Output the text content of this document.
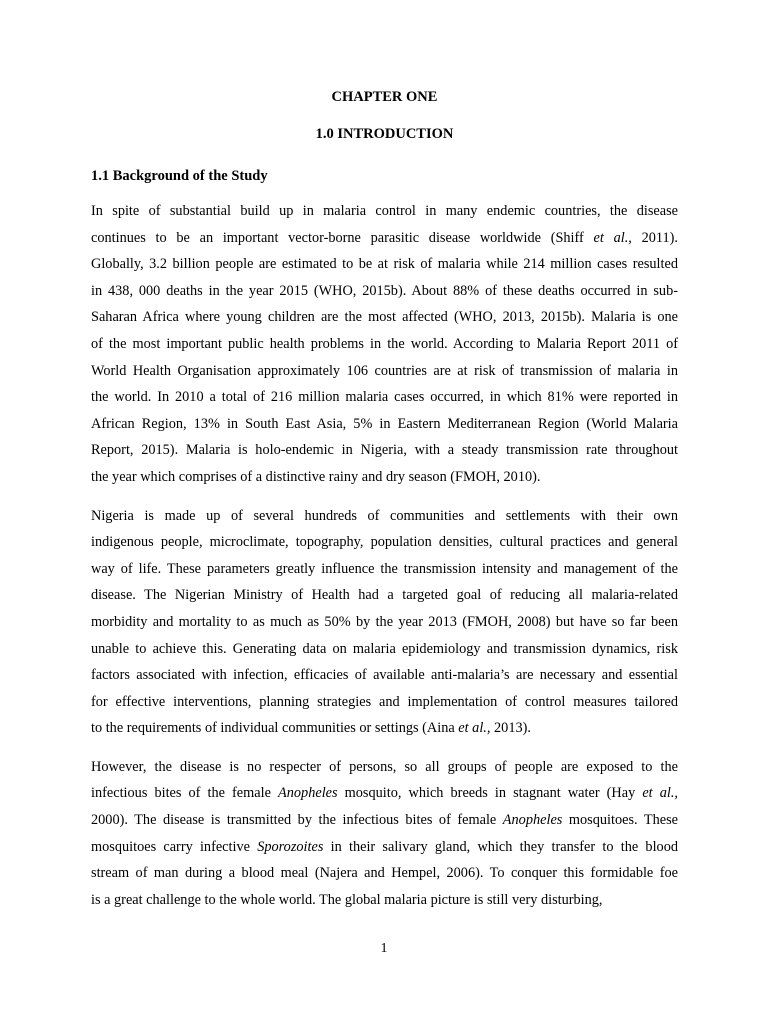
CHAPTER ONE
1.0 INTRODUCTION
1.1 Background of the Study

In spite of substantial build up in malaria control in many endemic countries, the disease
continues to be an important vector-borne parasitic disease worldwide (Shiff et al., 2011).
Globally, 3.2 billion people are estimated to be at risk of malaria while 214 million cases resulted
in 438, 000 deaths in the year 2015 (WHO, 2015b). About 88% of these deaths occurred in sub-
Saharan Africa where young children are the most affected (WHO, 2013, 2015b). Malaria is one
of the most important public health problems in the world. According to Malaria Report 2011 of
World Health Organisation approximately 106 countries are at risk of transmission of malaria in
the world. In 2010 a total of 216 million malaria cases occurred, in which 81% were reported in
African Region, 13% in South East Asia, 5% in Eastern Mediterranean Region (World Malaria
Report, 2015). Malaria is holo-endemic in Nigeria, with a steady transmission rate throughout
the year which comprises of a distinctive rainy and dry season (FMOH, 2010).

Nigeria is made up of several hundreds of communities and settlements with their own
indigenous people, microclimate, topography, population densities, cultural practices and general
way of life. These parameters greatly influence the transmission intensity and management of the
disease. The Nigerian Ministry of Health had a targeted goal of reducing all malaria-related
morbidity and mortality to as much as 50% by the year 2013 (FMOH, 2008) but have so far been
unable to achieve this. Generating data on malaria epidemiology and transmission dynamics, risk
factors associated with infection, efficacies of available anti-malaria’s are necessary and essential
for effective interventions, planning strategies and implementation of control measures tailored
to the requirements of individual communities or settings (Aina et al., 2013).

However, the disease is no respecter of persons, so all groups of people are exposed to the
infectious bites of the female Anopheles mosquito, which breeds in stagnant water (Hay et al.,
2000). The disease is transmitted by the infectious bites of female Anopheles mosquitoes. These
mosquitoes carry infective Sporozoites in their salivary gland, which they transfer to the blood
stream of man during a blood meal (Najera and Hempel, 2006). To conquer this formidable foe
is a great challenge to the whole world. The global malaria picture is still very disturbing,

1
